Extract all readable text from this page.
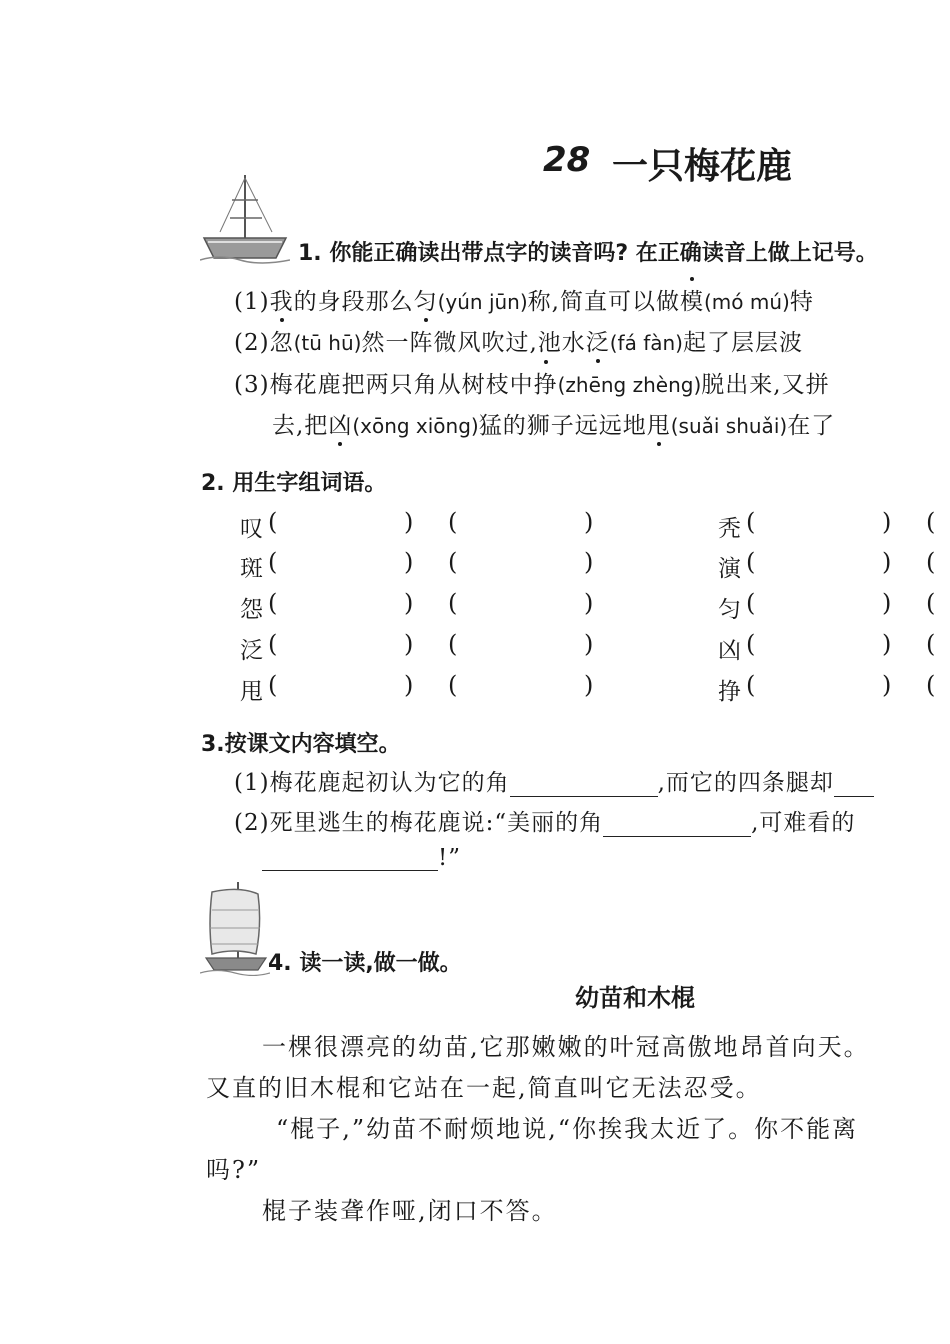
28 一只梅花鹿
1. 你能正确读出带点字的读音吗? 在正确读音上做上记号。
(1)我的身段那么匀(yún jūn)称,简直可以做模(mó mú)特
(2)忽(tū hū)然一阵微风吹过,池水泛(fá fàn)起了层层波
(3)梅花鹿把两只角从树枝中挣(zhēng zhèng)脱出来,又拼
去,把凶(xōng xiōng)猛的狮子远远地甩(suǎi shuǎi)在了
2. 用生字组词语。
叹 (	) (	)	秃 (	) (
斑 (	) (	)	演 (	) (
怨 (	) (	)	匀 (	) (
泛 (	) (	)	凶 (	) (
甩 (	) (	)	挣 (	) (
3.按课文内容填空。
(1)梅花鹿起初认为它的角	,而它的四条腿却
(2)死里逃生的梅花鹿说:“美丽的角	,可难看的
!”
4. 读一读,做一做。
幼苗和木棍
一棵很漂亮的幼苗,它那嫩嫩的叶冠高傲地昂首向天。
又直的旧木棍和它站在一起,简直叫它无法忍受。
“棍子,”幼苗不耐烦地说,“你挨我太近了。你不能离
吗?”
棍子装聋作哑,闭口不答。
